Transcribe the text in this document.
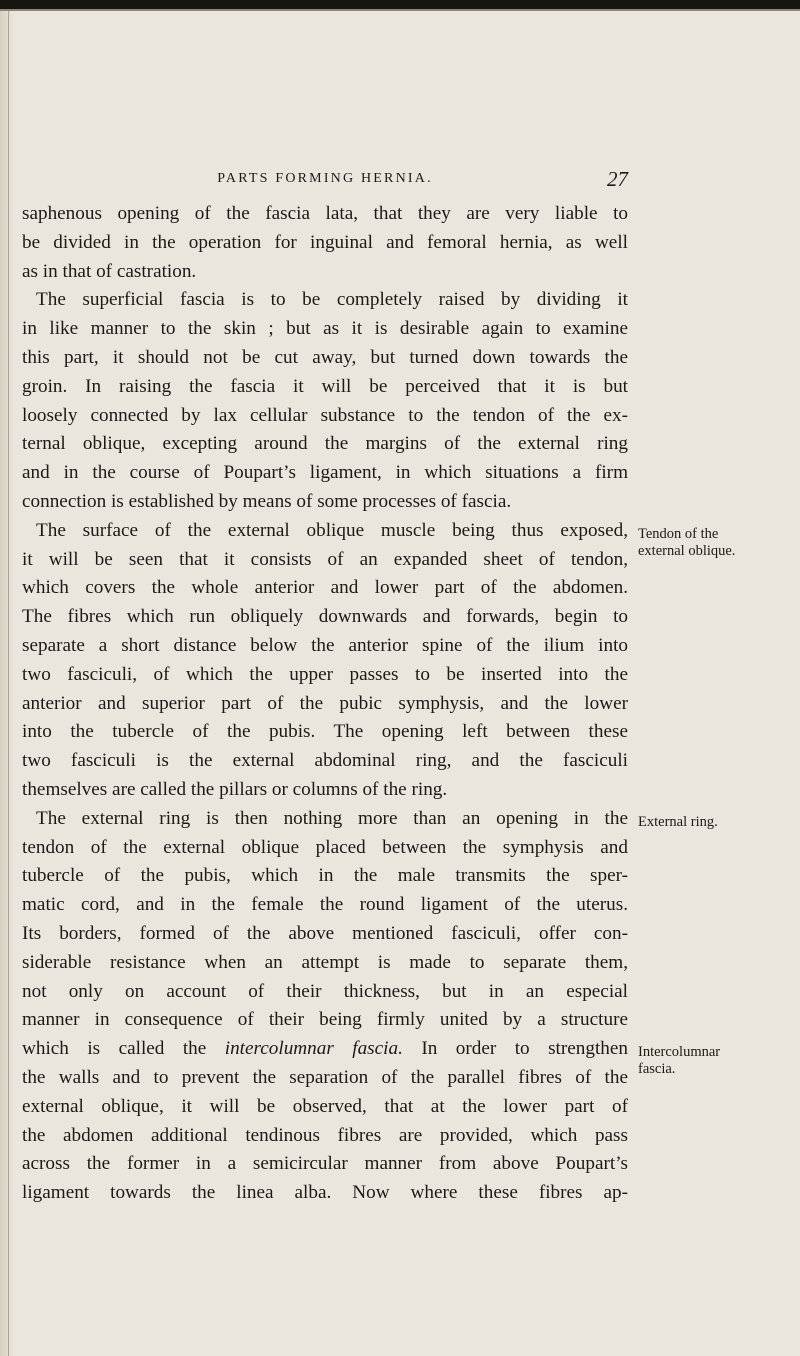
PARTS FORMING HERNIA.	27
saphenous opening of the fascia lata, that they are very liable to
be divided in the operation for inguinal and femoral hernia, as well
as in that of castration.
The superficial fascia is to be completely raised by dividing it
in like manner to the skin ; but as it is desirable again to examine
this part, it should not be cut away, but turned down towards the
groin. In raising the fascia it will be perceived that it is but
loosely connected by lax cellular substance to the tendon of the ex-
ternal oblique, excepting around the margins of the external ring
and in the course of Poupart’s ligament, in which situations a firm
connection is established by means of some processes of fascia.
The surface of the external oblique muscle being thus exposed,
it will be seen that it consists of an expanded sheet of tendon,
which covers the whole anterior and lower part of the abdomen.
The fibres which run obliquely downwards and forwards, begin to
separate a short distance below the anterior spine of the ilium into
two fasciculi, of which the upper passes to be inserted into the
anterior and superior part of the pubic symphysis, and the lower
into the tubercle of the pubis. The opening left between these
two fasciculi is the external abdominal ring, and the fasciculi
themselves are called the pillars or columns of the ring.
The external ring is then nothing more than an opening in the
tendon of the external oblique placed between the symphysis and
tubercle of the pubis, which in the male transmits the sper-
matic cord, and in the female the round ligament of the uterus.
Its borders, formed of the above mentioned fasciculi, offer con-
siderable resistance when an attempt is made to separate them,
not only on account of their thickness, but in an especial
manner in consequence of their being firmly united by a structure
which is called the intercolumnar fascia. In order to strengthen
the walls and to prevent the separation of the parallel fibres of the
external oblique, it will be observed, that at the lower part of
the abdomen additional tendinous fibres are provided, which pass
across the former in a semicircular manner from above Poupart’s
ligament towards the linea alba. Now where these fibres ap-
Tendon of the
external oblique.
External ring.
Intercolumnar
fascia.
